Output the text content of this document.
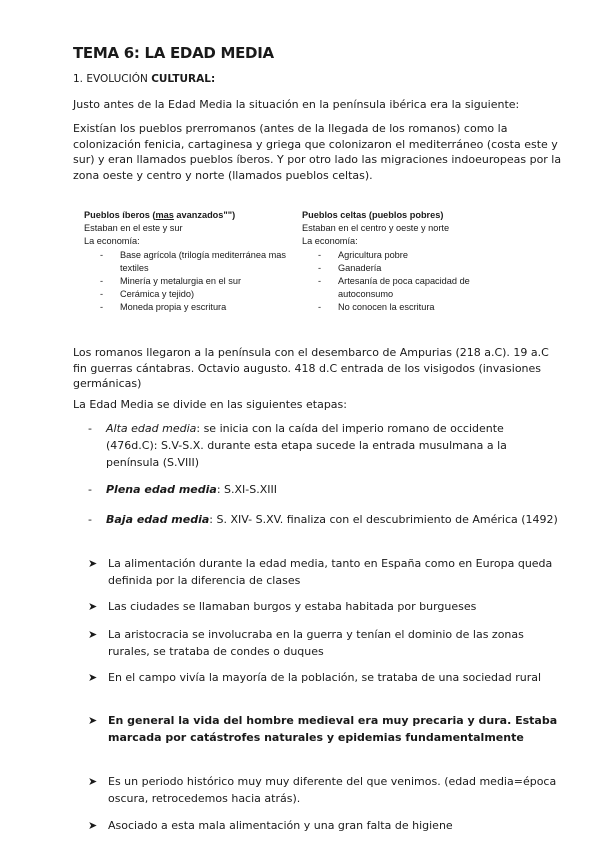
TEMA 6: LA EDAD MEDIA
1. EVOLUCIÓN CULTURAL:
Justo antes de la Edad Media la situación en la península ibérica era la siguiente:
Existían los pueblos prerromanos (antes de la llegada de los romanos) como la colonización fenicia, cartaginesa y griega que colonizaron el mediterráneo (costa este y sur) y eran llamados pueblos íberos. Y por otro lado las migraciones indoeuropeas por la zona oeste y centro y norte (llamados pueblos celtas).
Pueblos íberos (mas avanzados"")
Estaban en el este y sur
La economía:
- Base agrícola (trilogía mediterránea mas textiles
- Minería y metalurgia en el sur
- Cerámica y tejido)
- Moneda propia y escritura
Pueblos celtas (pueblos pobres)
Estaban en el centro y oeste y norte
La economía:
- Agricultura pobre
- Ganadería
- Artesanía de poca capacidad de autoconsumo
- No conocen la escritura
Los romanos llegaron a la península con el desembarco de Ampurias (218 a.C). 19 a.C fin guerras cántabras. Octavio augusto. 418 d.C entrada de los visigodos (invasiones germánicas)
La Edad Media se divide en las siguientes etapas:
-	Alta edad media: se inicia con la caída del imperio romano de occidente (476d.C): S.V-S.X. durante esta etapa sucede la entrada musulmana a la península (S.VIII)
-	Plena edad media: S.XI-S.XIII
-	Baja edad media: S. XIV- S.XV. finaliza con el descubrimiento de América (1492)
➤ La alimentación durante la edad media, tanto en España como en Europa queda definida por la diferencia de clases
➤ Las ciudades se llamaban burgos y estaba habitada por burgueses
➤ La aristocracia se involucraba en la guerra y tenían el dominio de las zonas rurales, se trataba de condes o duques
➤ En el campo vivía la mayoría de la población, se trataba de una sociedad rural
➤ En general la vida del hombre medieval era muy precaria y dura. Estaba marcada por catástrofes naturales y epidemias fundamentalmente
➤ Es un periodo histórico muy muy diferente del que venimos. (edad media=época oscura, retrocedemos hacia atrás).
➤ Asociado a esta mala alimentación y una gran falta de higiene
